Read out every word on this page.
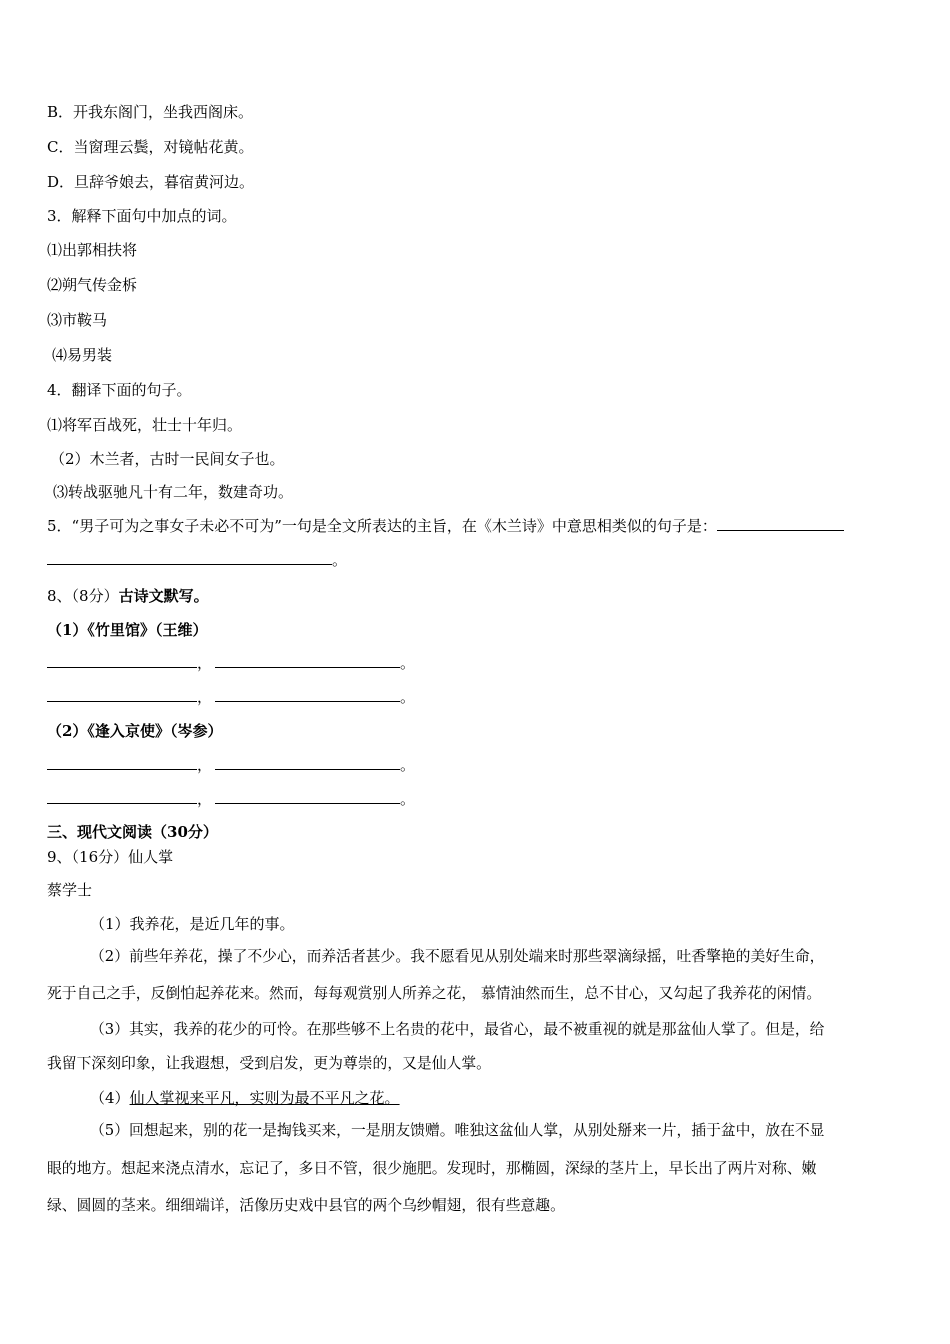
B．开我东阁门，坐我西阁床。
C．当窗理云鬓，对镜帖花黄。
D．旦辞爷娘去，暮宿黄河边。
3．解释下面句中加点的词。
⑴出郭相扶将
⑵朔气传金柝
⑶市鞍马
⑷易男装
4．翻译下面的句子。
⑴将军百战死，壮士十年归。
（2）木兰者，古时一民间女子也。
⑶转战驱驰凡十有二年，数建奇功。
5．“男子可为之事女子未必不可为”一句是全文所表达的主旨，在《木兰诗》中意思相类似的句子是：
。
8、（8分）古诗文默写。
（1）《竹里馆》（王维）
，	。
，	。
（2）《逢入京使》（岑参）
，	。
，	。
三、现代文阅读（30分）
9、（16分）仙人掌
蔡学士
（1）我养花，是近几年的事。
（2）前些年养花，操了不少心，而养活者甚少。我不愿看见从别处端来时那些翠滴绿摇，吐香擎艳的美好生命，
死于自己之手，反倒怕起养花来。然而，每每观赏别人所养之花， 慕情油然而生，总不甘心，又勾起了我养花的闲情。
（3）其实，我养的花少的可怜。在那些够不上名贵的花中，最省心，最不被重视的就是那盆仙人掌了。但是，给
我留下深刻印象，让我遐想，受到启发，更为尊崇的，又是仙人掌。
（4）仙人掌视来平凡，实则为最不平凡之花。
（5）回想起来，别的花一是掏钱买来，一是朋友馈赠。唯独这盆仙人掌，从别处掰来一片，插于盆中，放在不显
眼的地方。想起来浇点清水，忘记了，多日不管，很少施肥。发现时，那椭圆，深绿的茎片上，早长出了两片对称、嫩
绿、圆圆的茎来。细细端详，活像历史戏中县官的两个乌纱帽翅，很有些意趣。
